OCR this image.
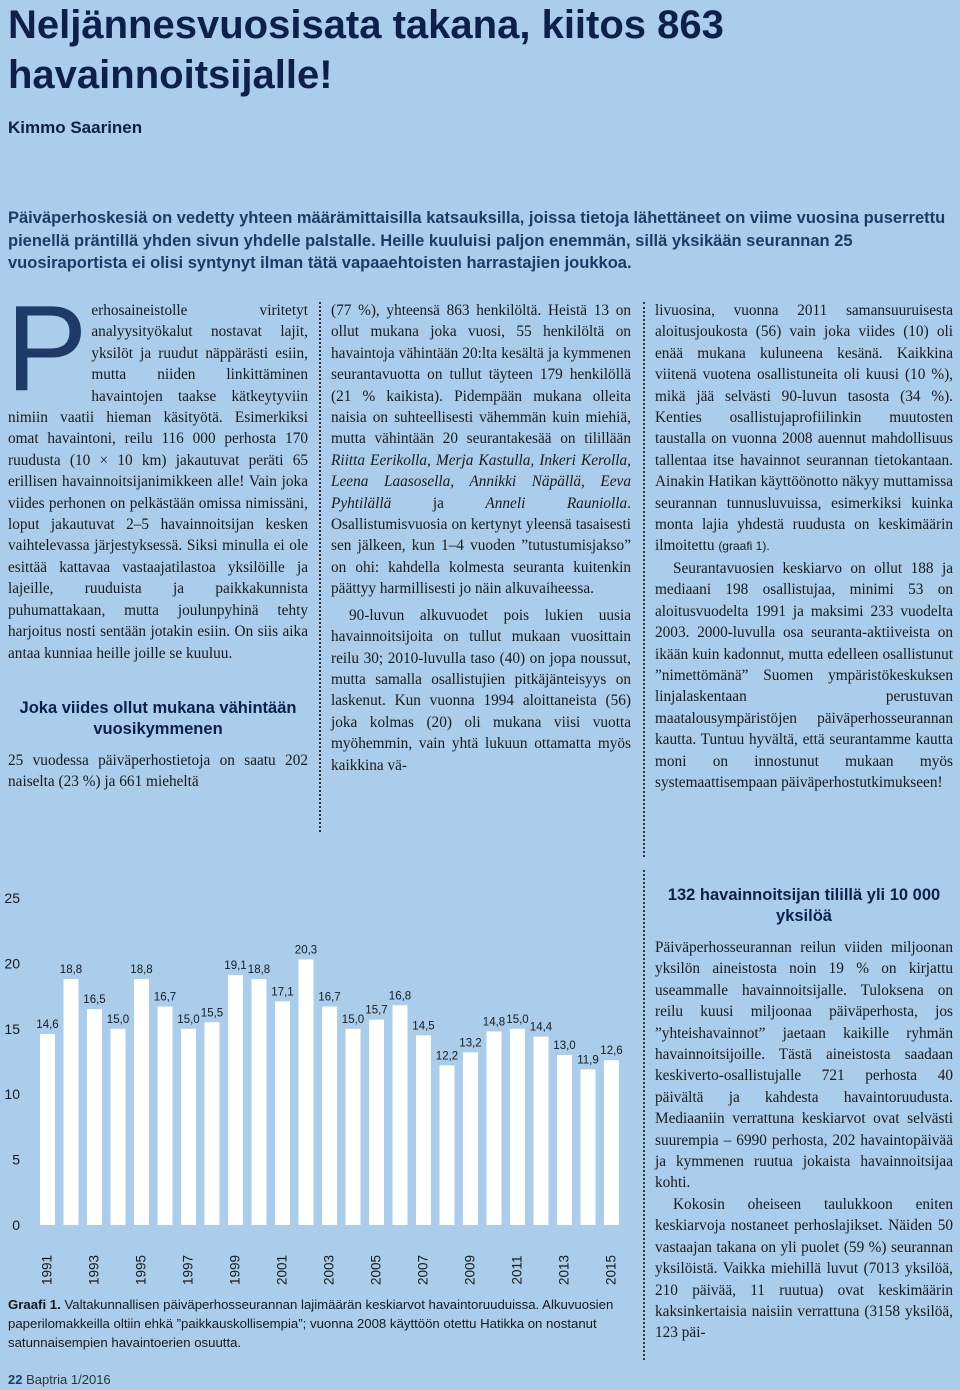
Neljännesvuosisata takana, kiitos 863 havainnoitsijalle!
Kimmo Saarinen
Päiväperhoskesiä on vedetty yhteen määrämittaisilla katsauksilla, joissa tietoja lähettäneet on viime vuosina puserrettu pienellä präntillä yhden sivun yhdelle palstalle. Heille kuuluisi paljon enemmän, sillä yksikään seurannan 25 vuosiraportista ei olisi syntynyt ilman tätä vapaaehtoisten harrastajien joukkoa.

Perhosaineistolle viritetyt analyysityökalut nostavat lajit, yksilöt ja ruudut näppärästi esiin, mutta niiden linkittäminen havaintojen taakse kätkeytyviin nimiin vaatii hieman käsityötä. Esimerkiksi omat havaintoni, reilu 116 000 perhosta 170 ruudusta (10 × 10 km) jakautuvat peräti 65 erillisen havainnoitsijanimikkeen alle! Vain joka viides perhonen on pelkästään omissa nimissäni, loput jakautuvat 2–5 havainnoitsijan kesken vaihtelevassa järjestyksessä. Siksi minulla ei ole esittää kattavaa vastaajatilastoa yksilöille ja lajeille, ruuduista ja paikkakunnista puhumattakaan, mutta joulunpyhinä tehty harjoitus nosti sentään jotakin esiin. On siis aika antaa kunniaa heille joille se kuuluu.

Joka viides ollut mukana vähintään vuosikymmenen

25 vuodessa päiväperhostietoja on saatu 202 naiselta (23 %) ja 661 mieheltä

(77 %), yhteensä 863 henkilöltä. Heistä 13 on ollut mukana joka vuosi, 55 henkilöltä on havaintoja vähintään 20:lta kesältä ja kymmenen seurantavuotta on tullut täyteen 179 henkilöllä (21 % kaikista). Pidempään mukana olleita naisia on suhteellisesti vähemmän kuin miehiä, mutta vähintään 20 seurantakesää on tilillään Riitta Eerikolla, Merja Kastulla, Inkeri Kerolla, Leena Laasosella, Annikki Näpällä, Eeva Pyhtilällä ja Anneli Rauniolla. Osallistumisvuosia on kertynyt yleensä tasaisesti sen jälkeen, kun 1–4 vuoden ”tutustumisjakso” on ohi: kahdella kolmesta seuranta kuitenkin päättyy harmillisesti jo näin alkuvaiheessa.

90-luvun alkuvuodet pois lukien uusia havainnoitsijoita on tullut mukaan vuosittain reilu 30; 2010-luvulla taso (40) on jopa noussut, mutta samalla osallistujien pitkäjänteisyys on laskenut. Kun vuonna 1994 aloittaneista (56) joka kolmas (20) oli mukana viisi vuotta myöhemmin, vain yhtä lukuun ottamatta myös kaikkina vä-

livuosina, vuonna 2011 samansuuruisesta aloitusjoukosta (56) vain joka viides (10) oli enää mukana kuluneena kesänä. Kaikkina viitenä vuotena osallistuneita oli kuusi (10 %), mikä jää selvästi 90-luvun tasosta (34 %). Kenties osallistujaprofiilinkin muutosten taustalla on vuonna 2008 auennut mahdollisuus tallentaa itse havainnot seurannan tietokantaan. Ainakin Hatikan käyttöönotto näkyy muttamissa seurannan tunnusluvuissa, esimerkiksi kuinka monta lajia yhdestä ruudusta on keskimäärin ilmoitettu (graafi 1).

Seurantavuosien keskiarvo on ollut 188 ja mediaani 198 osallistujaa, minimi 53 on aloitusvuodelta 1991 ja maksimi 233 vuodelta 2003. 2000-luvulla osa seuranta-aktiiveista on ikään kuin kadonnut, mutta edelleen osallistunut ”nimettömänä” Suomen ympäristökeskuksen linjalaskentaan perustuvan maatalousympäristöjen päiväperhosseurannan kautta. Tuntuu hyvältä, että seurantamme kautta moni on innostunut mukaan myös systemaattisempaan päiväperhostutkimukseen!

132 havainnoitsijan tilillä yli 10 000 yksilöä

Päiväperhosseurannan reilun viiden miljoonan yksilön aineistosta noin 19 % on kirjattu useammalle havainnoitsijalle. Tuloksena on reilu kuusi miljoonaa päiväperhosta, jos ”yhteishavainnot” jaetaan kaikille ryhmän havainnoitsijoille. Tästä aineistosta saadaan keskiverto-osallistujalle 721 perhosta 40 päivältä ja kahdesta havaintoruudusta. Mediaaniin verrattuna keskiarvot ovat selvästi suurempia – 6990 perhosta, 202 havaintopäivää ja kymmenen ruutua jokaista havainnoitsijaa kohti.

Kokosin oheiseen taulukkoon eniten keskiarvoja nostaneet perhoslajikset. Näiden 50 vastaajan takana on yli puolet (59 %) seurannan yksilöistä. Vaikka miehillä luvut (7013 yksilöä, 210 päivää, 11 ruutua) ovat keskimäärin kaksinkertaisia naisiin verrattuna (3158 yksilöä, 123 päi-

0
5
10
15
20
25
14,6
18,8
16,5
15,0
18,8
16,7
15,0
15,5
19,1 18,8
17,1
20,3
16,7
15,0
15,7
16,8
14,5
12,2
13,2
14,8 15,0
14,4
13,0
11,9
12,6
1991 1993 1995 1997 1999 2001 2003 2005 2007 2009 2011 2013 2015
Graafi 1. Valtakunnallisen päiväperhosseurannan lajimäärän keskiarvot havaintoruuduissa. Alkuvuosien paperilomakkeilla oltiin ehkä ”paikkauskollisempia”; vuonna 2008 käyttöön otettu Hatikka on nostanut satunnaisempien havaintoerien osuutta.
22 Baptria 1/2016
